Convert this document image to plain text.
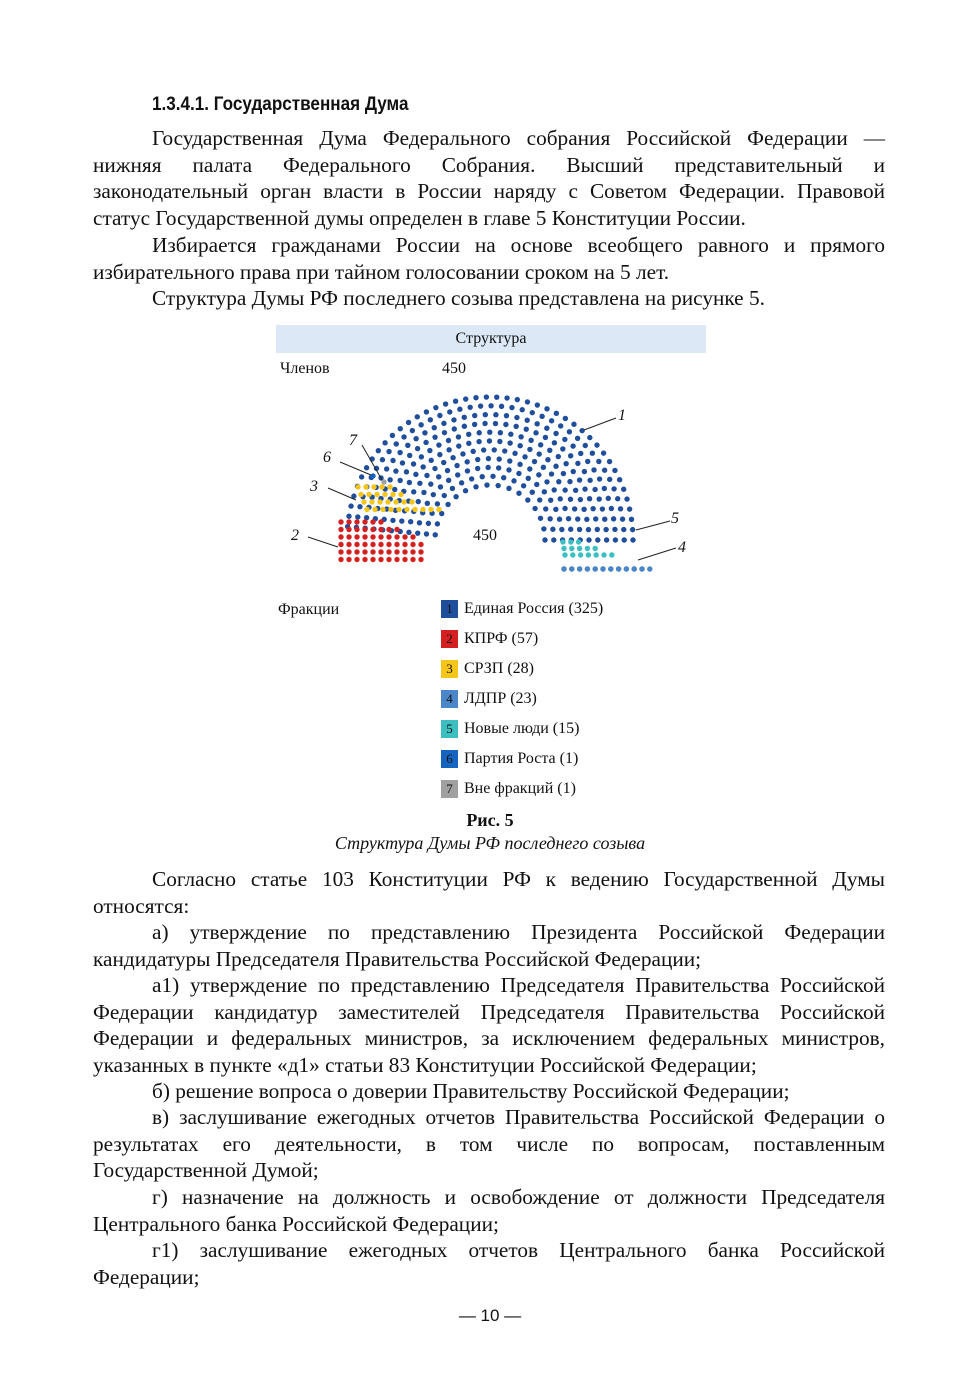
1.3.4.1. Государственная Дума

Государственная Дума Федерального собрания Российской Федерации — нижняя палата Федерального Собрания. Высший представительный и законодательный орган власти в России наряду с Советом Федерации. Правовой статус Государственной думы определен в главе 5 Конституции России.

Избирается гражданами России на основе всеобщего равного и прямого избирательного права при тайном голосовании сроком на 5 лет.

Структура Думы РФ последнего созыва представлена на рисунке 5.

Структура
Членов	450
450
1
2
3
4
5
6
7
Фракции	1 Единая Россия (325)
2 КПРФ (57)
3 СРЗП (28)
4 ЛДПР (23)
5 Новые люди (15)
6 Партия Роста (1)
7 Вне фракций (1)
Рис. 5
Структура Думы РФ последнего созыва

Согласно статье 103 Конституции РФ к ведению Государственной Думы относятся:

а) утверждение по представлению Президента Российской Федерации кандидатуры Председателя Правительства Российской Федерации;

а1) утверждение по представлению Председателя Правительства Российской Федерации кандидатур заместителей Председателя Правительства Российской Федерации и федеральных министров, за исключением федеральных министров, указанных в пункте «д1» статьи 83 Конституции Российской Федерации;

б) решение вопроса о доверии Правительству Российской Федерации;

в) заслушивание ежегодных отчетов Правительства Российской Федерации о результатах его деятельности, в том числе по вопросам, поставленным Государственной Думой;

г) назначение на должность и освобождение от должности Председателя Центрального банка Российской Федерации;

г1) заслушивание ежегодных отчетов Центрального банка Российской Федерации;

— 10 —
